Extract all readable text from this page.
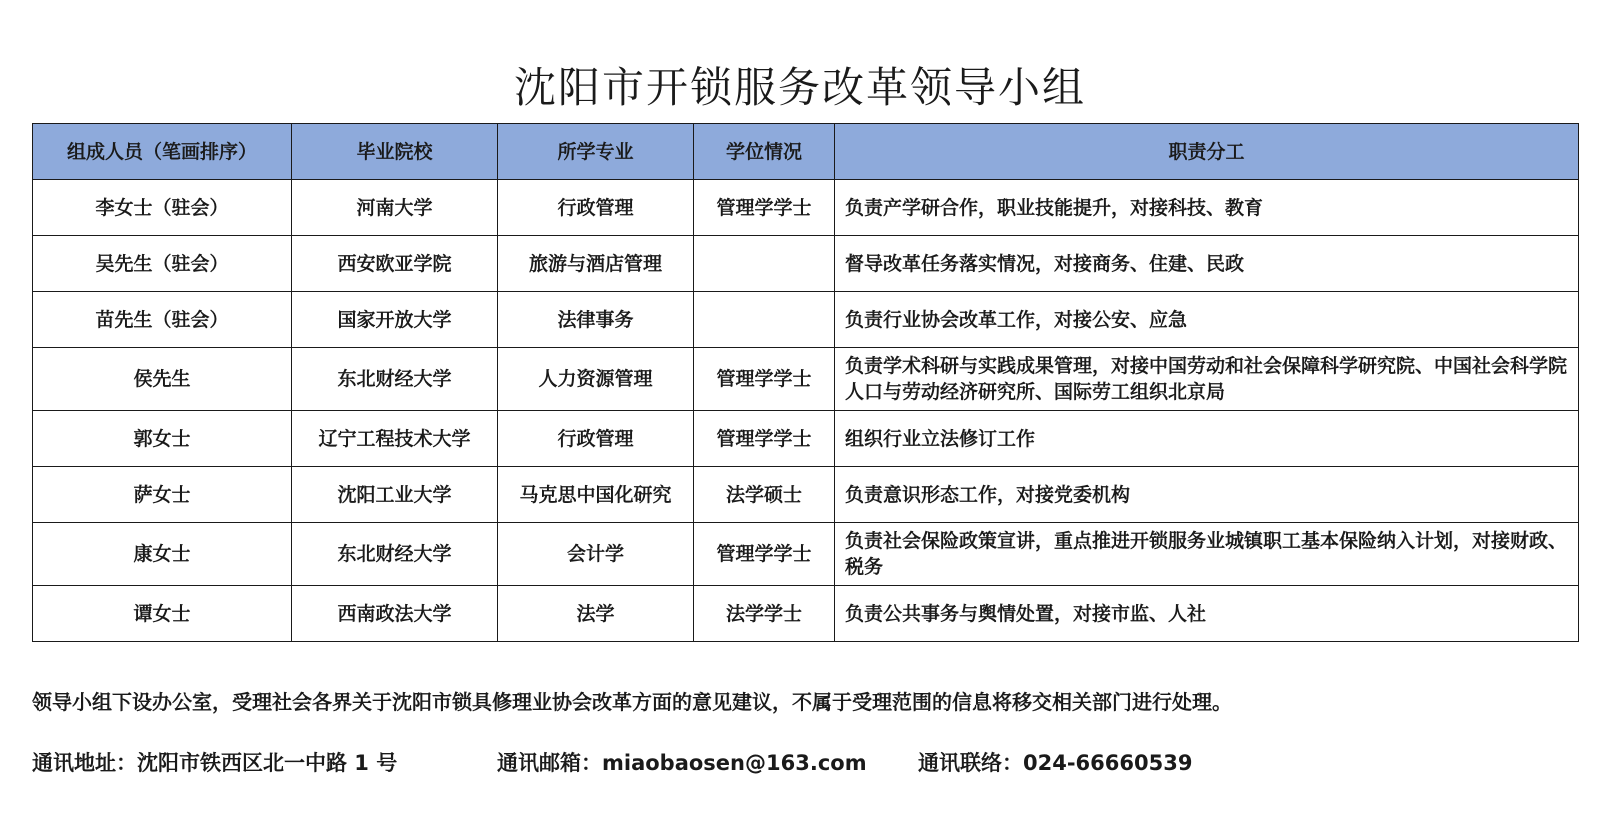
沈阳市开锁服务改革领导小组
组成人员（笔画排序）	毕业院校	所学专业	学位情况	职责分工
李女士（驻会）	河南大学	行政管理	管理学学士	负责产学研合作，职业技能提升，对接科技、教育
吴先生（驻会）	西安欧亚学院	旅游与酒店管理		督导改革任务落实情况，对接商务、住建、民政
苗先生（驻会）	国家开放大学	法律事务		负责行业协会改革工作，对接公安、应急
侯先生	东北财经大学	人力资源管理	管理学学士	负责学术科研与实践成果管理，对接中国劳动和社会保障科学研究院、中国社会科学院人口与劳动经济研究所、国际劳工组织北京局
郭女士	辽宁工程技术大学	行政管理	管理学学士	组织行业立法修订工作
萨女士	沈阳工业大学	马克思中国化研究	法学硕士	负责意识形态工作，对接党委机构
康女士	东北财经大学	会计学	管理学学士	负责社会保险政策宣讲，重点推进开锁服务业城镇职工基本保险纳入计划，对接财政、税务
谭女士	西南政法大学	法学	法学学士	负责公共事务与舆情处置，对接市监、人社
领导小组下设办公室，受理社会各界关于沈阳市锁具修理业协会改革方面的意见建议，不属于受理范围的信息将移交相关部门进行处理。
通讯地址：沈阳市铁西区北一中路 1 号	通讯邮箱：miaobaosen@163.com 通讯联络：024-66660539
